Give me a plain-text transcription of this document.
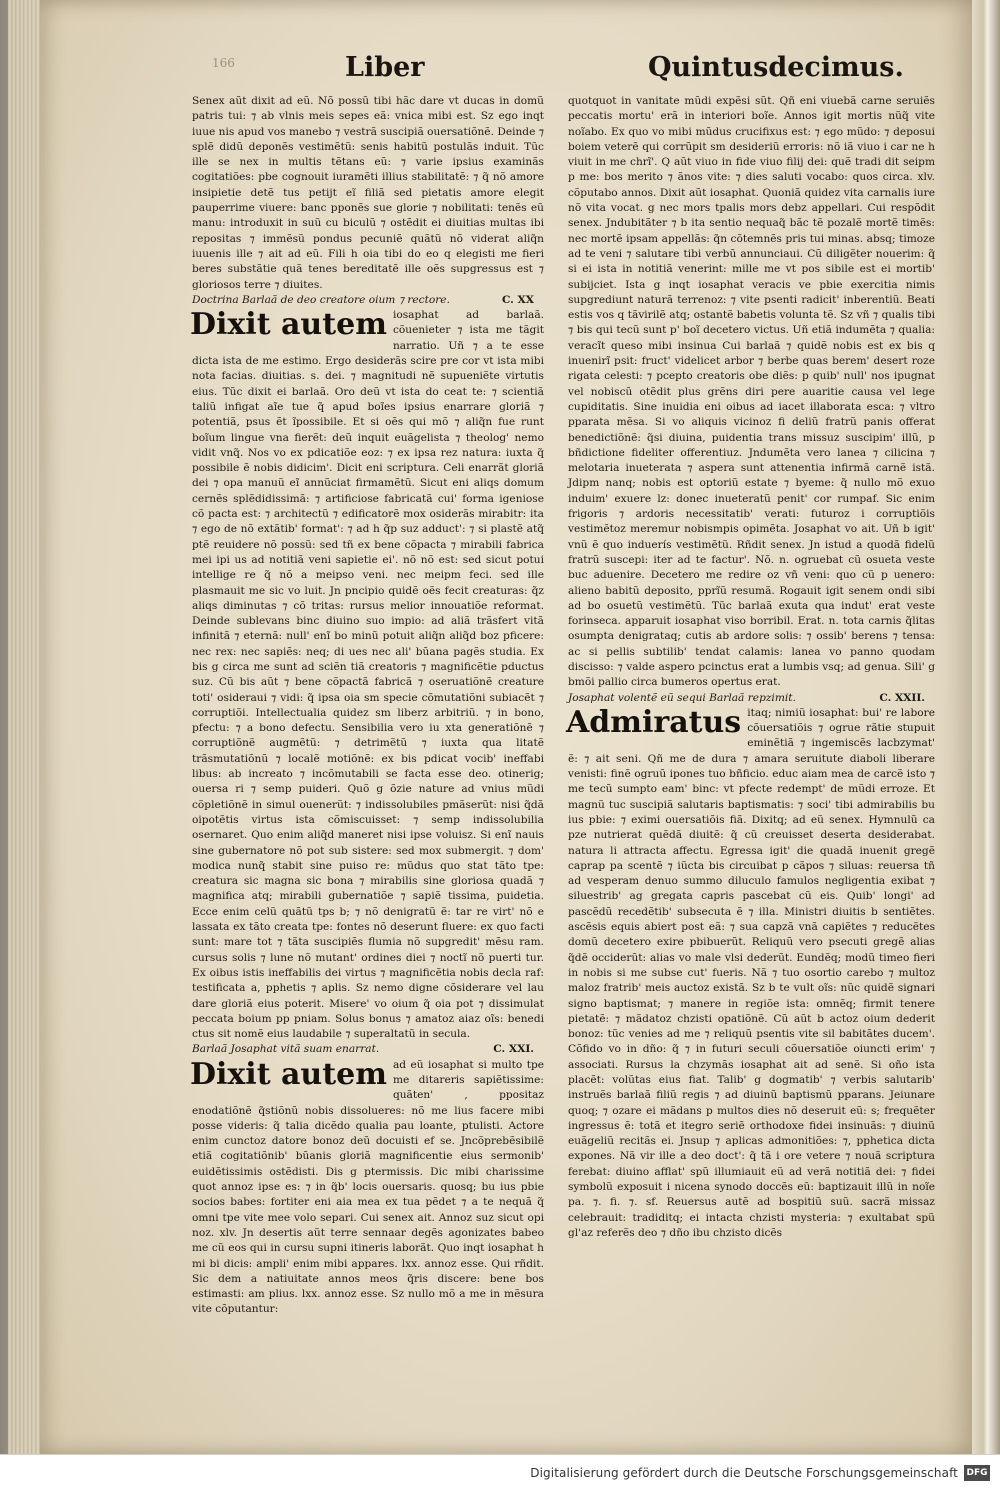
166	Liber	Quintusdecimus.

Senex aũt dixit ad eũ. Nõ possũ tibi hãc dare vt ducas in domũ patris tui: ⁊ ab vlnis meis sepes eã: vnica mibi est. Sz ego inqt iuue nis apud vos manebo ⁊ vestrã suscipiã ouersatiõnẽ. Deinde ⁊ splẽ didũ deponẽs vestimẽtũ: senis habitũ postulãs induit. Tũc ille se nex in multis tẽtans eũ: ⁊ varie ipsius examinãs cogitatiões: pbe cognouit iuramẽti illius stabilitatẽ: ⁊ q̃ nõ amore insipietie detẽ tus petijt eĩ filiã sed pietatis amore elegit pauperrime viuere: banc pponẽs sue glorie ⁊ nobilitati: tenẽs eũ manu: introduxit in suũ cu biculũ ⁊ ostẽdit ei diuitias multas ibi repositas ⁊ immẽsũ pondus pecuniẽ quãtũ nõ viderat aliq̃n iuuenis ille ⁊ ait ad eũ. Fili h oia tibi do eo q elegisti me fieri beres substãtie quã tenes bereditatẽ ille oẽs supgressus est ⁊ gloriosos terre ⁊ diuites.

Doctrina Barlaã de deo creatore oium ⁊ rectore.	C. XX

Dixit autem iosaphat ad barlaã. cõuenieter ⁊ ista me tãgit narratio. Uñ ⁊ a te esse dicta ista de me estimo. Ergo desiderãs scire pre cor vt ista mibi nota facias. diuitias. s. dei. ⁊ magnitudi nẽ supueniẽte virtutis eius. Tũc dixit ei barlaã. Oro deũ vt ista do ceat te: ⁊ scientiã taliũ infigat aĩe tue q̃ apud boĩes ipsius enarrare gloriã ⁊ potentiã, psus ẽt ĩpossibile. Et si oẽs qui mõ ⁊ aliq̃n fue runt boĩum lingue vna fierẽt: deũ inquit euãgelista ⁊ theolog' nemo vidit vnq̃. Nos vo ex pdicatiõe eoz: ⁊ ex ipsa rez natura: iuxta q̃ possibile ẽ nobis didicim'. Dicit eni scriptura. Celi enarrãt gloriã dei ⁊ opa manuũ eĩ annũciat firmamẽtũ. Sicut eni aliqs domum cernẽs splẽdidissimã: ⁊ artificiose fabricatã cui' forma igeniose cõ pacta est: ⁊ architectũ ⁊ edificatorẽ mox osiderãs mirabitr: ita ⁊ ego de nõ extãtib' format': ⁊ ad h q̃p suz adduct': ⁊ si plastẽ atq̃ ptẽ reuidere nõ possũ: sed tñ ex bene cõpacta ⁊ mirabili fabrica mei ipi us ad notitiã veni sapietie ei'. nõ nõ est: sed sicut potui intellige re q̃ nõ a meipso veni. nec meipm feci. sed ille plasmauit me sic vo luit. Jn pncipio quidẽ oẽs fecit creaturas: q̃z aliqs diminutas ⁊ cõ tritas: rursus melior innouatiõe reformat. Deinde sublevans binc diuino suo impio: ad aliã trãsfert vitã infinitã ⁊ eternã: null' enĩ bo minũ potuit aliq̃n aliq̃d boz pficere: nec rex: nec sapiẽs: neq; di ues nec ali' bũana pagẽs studia. Ex bis g circa me sunt ad sciẽn tiã creatoris ⁊ magnificẽtie pductus suz. Cũ bis aũt ⁊ bene cõpactã fabricã ⁊ oseruatiõnẽ creature toti' osideraui ⁊ vidi: q̃ ipsa oia sm specie cõmutatiõni subiacẽt ⁊ corruptiõi. Intellectualia quidez sm liberz arbitriũ. ⁊ in bono, pfectu: ⁊ a bono defectu. Sensibilia vero iu xta generatiõnẽ ⁊ corruptiõnẽ augmẽtũ: ⁊ detrimẽtũ ⁊ iuxta qua litatẽ trãsmutatiõnũ ⁊ localẽ motiõnẽ: ex bis pdicat vocib' ineffabi libus: ab increato ⁊ incõmutabili se facta esse deo. otinerig; ouersa ri ⁊ semp puideri. Quõ g õzie nature ad vnius mũdi cõpletiõnẽ in simul ouenerũt: ⁊ indissolubiles pmãserũt: nisi q̃dã oipotẽtis virtus ista cõmiscuisset: ⁊ semp indissolubilia osernaret. Quo enim aliq̃d maneret nisi ipse voluisz. Si enĩ nauis sine gubernatore nõ pot sub sistere: sed mox submergit. ⁊ dom' modica nunq̃ stabit sine puiso re: mũdus quo stat tãto tpe: creatura sic magna sic bona ⁊ mirabilis sine gloriosa quadã ⁊ magnifica atq; mirabili gubernatiõe ⁊ sapiẽ tissima, puidetia. Ecce enim celũ quãtũ tps b; ⁊ nõ denigratũ ẽ: tar re virt' nõ e lassata ex tãto creata tpe: fontes nõ deserunt fluere: ex quo facti sunt: mare tot ⁊ tãta suscipiẽs flumia nõ supgredit' mẽsu ram. cursus solis ⁊ lune nõ mutant' ordines diei ⁊ noctĩ nõ puerti tur. Ex oibus istis ineffabilis dei virtus ⁊ magnificẽtia nobis decla raf: testificata a, pphetis ⁊ aplis. Sz nemo digne cõsiderare vel lau dare gloriã eius poterit. Misere' vo oium q̃ oia pot ⁊ dissimulat peccata boium pp pniam. Solus bonus ⁊ amatoz aiaz oĩs: benedi ctus sit nomẽ eius laudabile ⁊ superaltatũ in secula.

Barlaã Josaphat vitã suam enarrat.	C. XXI.

Dixit autem ad eũ iosaphat si multo tpe me ditareris sapiẽtissime: quãten' , ppositaz enodatiõnẽ q̃stiõnũ nobis dissolueres: nõ me lius facere mibi posse videris: q̃ talia dicẽdo qualia pau loante, ptulisti. Actore enim cunctoz datore bonoz deũ docuisti ef se. Jncõprebẽsibilẽ etiã cogitatiõnib' bũanis gloriã magnificentie eius sermonib' euidẽtissimis ostẽdisti. Dis g ptermissis. Dic mibi charissime quot annoz ipse es: ⁊ in q̃b' locis ouersaris. quosq; bu ius pbie socios babes: fortiter eni aia mea ex tua pẽdet ⁊ a te nequã q̃ omni tpe vite mee volo separi. Cui senex ait. Annoz suz sicut opi noz. xlv. Jn desertis aũt terre sennaar degẽs agonizates babeo me cũ eos qui in cursu supni itineris laborãt. Quo inqt iosaphat h mi bi dicis: ampli' enim mibi appares. lxx. annoz esse. Qui rñdit. Sic dem a natiuitate annos meos q̃ris discere: bene bos estimasti: am plius. lxx. annoz esse. Sz nullo mõ a me in mẽsura vite cõputantur:

quotquot in vanitate mũdi expẽsi sũt. Qñ eni viuebã carne seruiẽs peccatis mortu' erã in interiori boĩe. Annos igit mortis nũq̃ vite noĩabo. Ex quo vo mibi mũdus crucifixus est: ⁊ ego mũdo: ⁊ deposui boiem veterẽ qui corrũpit sm desideriũ erroris: nõ iã viuo i car ne h viuit in me chrĩ'. Q aũt viuo in fide viuo filij dei: quẽ tradi dit seipm p me: bos merito ⁊ ãnos vite: ⁊ dies saluti vocabo: quos circa. xlv. cõputabo annos. Dixit aũt iosaphat. Quoniã quidez vita carnalis iure nõ vita vocat. g nec mors tpalis mors debz appellari. Cui respõdit senex. Jndubitãter ⁊ b ita sentio nequaq̃ bãc tẽ pozalẽ mortẽ timẽs: nec mortẽ ipsam appellãs: q̃n cõtemnẽs pris tui minas. absq; timoze ad te veni ⁊ salutare tibi verbũ annunciaui. Cũ diligẽter nouerim: q̃ si ei ista in notitiã venerint: mille me vt pos sibile est ei mortib' subijciet. Ista g inqt iosaphat veracis ve pbie exercitia nimis supgrediunt naturã terrenoz: ⁊ vite psenti radicit' inberentiũ. Beati estis vos q tãvirilẽ atq; ostantẽ babetis volunta tẽ. Sz vñ ⁊ qualis tibi ⁊ bis qui tecũ sunt p' boĩ decetero victus. Uñ etiã indumẽta ⁊ qualia: veracĩt queso mibi insinua Cui barlaã ⁊ quidẽ nobis est ex bis q inuenirĩ psit: fruct' videlicet arbor ⁊ berbe quas berem' desert roze rigata celesti: ⁊ pcepto creatoris obe diẽs: p quib' null' nos ipugnat vel nobiscũ otẽdit plus grẽns diri pere auaritie causa vel lege cupiditatis. Sine inuidia eni oibus ad iacet illaborata esca: ⁊ vltro pparata mẽsa. Si vo aliquis vicinoz fi deliũ fratrũ panis offerat benedictiõnẽ: q̃si diuina, puidentia trans missuz suscipim' illũ, p bñdictione fideliter offerentiuz. Jndumẽta vero lanea ⁊ cilicina ⁊ melotaria inueterata ⁊ aspera sunt attenentia infirmã carnẽ istã. Jdipm nanq; nobis est optoriũ estate ⁊ byeme: q̃ nullo mõ exuo induim' exuere lz: donec inueteratũ penit' cor rumpaf. Sic enim frigoris ⁊ ardoris necessitatib' verati: futuroz i corruptiõis vestimẽtoz meremur nobismpis opimẽta. Josaphat vo ait. Uñ b igit' vnũ ẽ quo induerís vestimẽtũ. Rñdit senex. Jn istud a quodã fidelũ fratrũ suscepi: iter ad te factur'. Nõ. n. ogruebat cũ osueta veste buc aduenire. Decetero me redire oz vñ veni: quo cũ p uenero: alieno babitũ deposito, pprĩũ resumã. Rogauit igit senem ondi sibi ad bo osuetũ vestimẽtũ. Tũc barlaã exuta qua indut' erat veste forinseca. apparuit iosaphat viso borribil. Erat. n. tota carnis q̃litas osumpta denigrataq; cutis ab ardore solis: ⁊ ossib' berens ⁊ tensa: ac si pellis subtilib' tendat calamis: lanea vo panno quodam discisso: ⁊ valde aspero pcinctus erat a lumbis vsq; ad genua. Sili' g bmõi pallio circa bumeros opertus erat.

Josaphat volentẽ eũ sequi Barlaã repzimit.	C. XXII.

Admiratus itaq; nimiũ iosaphat: bui' re labore cõuersatiõis ⁊ ogrue rãtie stupuit eminẽtiã ⁊ ingemiscẽs lacbzymat' ẽ: ⁊ ait seni. Qñ me de dura ⁊ amara seruitute diaboli liberare venisti: finẽ ogruũ ipones tuo bñficio. educ aiam mea de carcẽ isto ⁊ me tecũ sumpto eam' binc: vt pfecte redempt' de mũdi erroze. Et magnũ tuc suscipiã salutaris baptismatis: ⁊ soci' tibi admirabilis bu ius pbie: ⁊ eximi ouersatiõis fiã. Dixitq; ad eũ senex. Hymnulũ ca pze nutrierat quẽdã diuitẽ: q̃ cũ creuisset deserta desiderabat. natura li attracta affectu. Egressa igit' die quadã inuenit gregẽ caprap pa scentẽ ⁊ iũcta bis circuibat p cãpos ⁊ siluas: reuersa tñ ad vesperam denuo summo diluculo famulos negligentia exibat ⁊ siluestrib' ag gregata capris pascebat cũ eis. Quib' longi' ad pascẽdũ recedẽtib' subsecuta ẽ ⁊ illa. Ministri diuitis b sentiẽtes. ascẽsis equis abiert post eã: ⁊ sua capzã vnã capiẽtes ⁊ reducẽtes domũ decetero exire pbibuerũt. Reliquũ vero psecuti gregẽ alias q̃dẽ occiderũt: alias vo male vlsi dederũt. Eundẽq; modũ timeo fieri in nobis si me subse cut' fueris. Nã ⁊ tuo osortio carebo ⁊ multoz maloz fratrib' meis auctoz existã. Sz b te vult oĩs: nũc quidẽ signari signo baptismat; ⁊ manere in regiõe ista: omnẽq; firmit tenere pietatẽ: ⁊ mãdatoz chzisti opatiõnẽ. Cũ aũt b actoz oium dederit bonoz: tũc venies ad me ⁊ reliquũ psentis vite sil babitãtes ducem'. Cõfido vo in dño: q̃ ⁊ in futuri seculi cõuersatiõe oiuncti erim' ⁊ associati. Rursus la chzymãs iosaphat ait ad senẽ. Si oño ista placẽt: volũtas eius fiat. Talib' g dogmatib' ⁊ verbis salutarib' instruẽs barlaã filiũ regis ⁊ ad diuinũ baptismũ pparans. Jeiunare quoq; ⁊ ozare ei mãdans p multos dies nõ deseruit eũ: s; frequẽter ingressus ẽ: totã et itegro seriẽ orthodoxe fidei insinuãs: ⁊ diuinũ euãgeliũ recitãs ei. Jnsup ⁊ aplicas admonitiões: ⁊, pphetica dicta expones. Nã vir ille a deo doct': q̃ tã i ore vetere ⁊ nouã scriptura ferebat: diuino afflat' spũ illumiauit eũ ad verã notitiã dei: ⁊ fidei symbolũ exposuit i nicena synodo doccẽs eũ: baptizauit illũ in noĩe pa. ⁊. fi. ⁊. sf. Reuersus autẽ ad bospitiũ suũ. sacrã missaz celebrauit: tradiditq; ei intacta chzisti mysteria: ⁊ exultabat spũ gl'az referẽs deo ⁊ dño ibu chzisto dicẽs

Digitalisierung gefördert durch die Deutsche Forschungsgemeinschaft DFG
